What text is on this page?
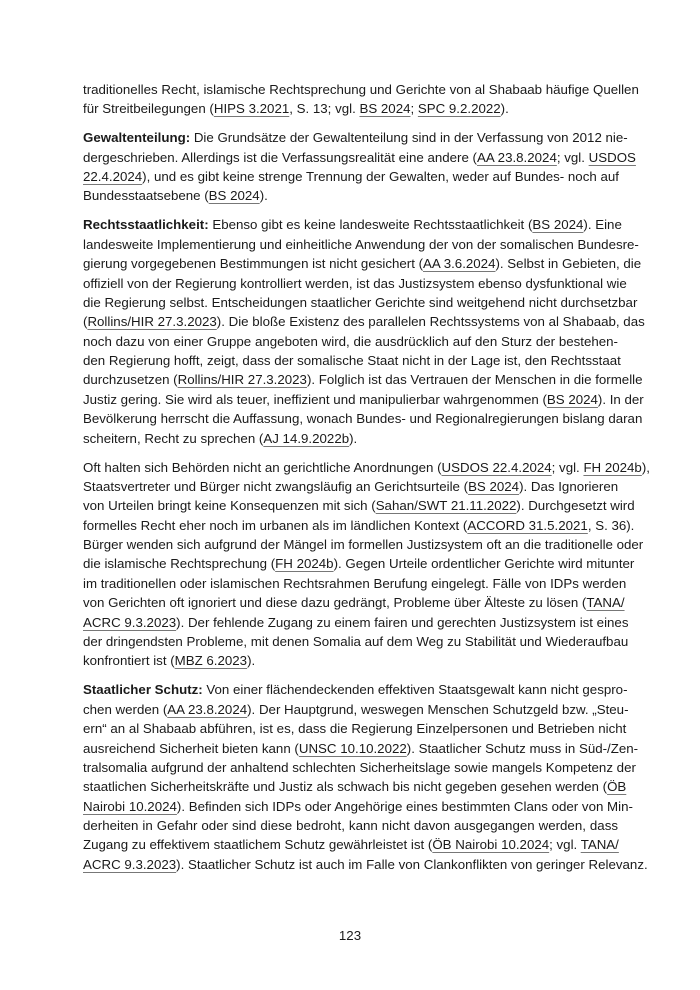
traditionelles Recht, islamische Rechtsprechung und Gerichte von al Shabaab häufige Quellen
für Streitbeilegungen (HIPS 3.2021, S. 13; vgl. BS 2024; SPC 9.2.2022).
Gewaltenteilung: Die Grundsätze der Gewaltenteilung sind in der Verfassung von 2012 nie-
dergeschrieben. Allerdings ist die Verfassungsrealität eine andere (AA 23.8.2024; vgl. USDOS
22.4.2024), und es gibt keine strenge Trennung der Gewalten, weder auf Bundes- noch auf
Bundesstaatsebene (BS 2024).
Rechtsstaatlichkeit: Ebenso gibt es keine landesweite Rechtsstaatlichkeit (BS 2024). Eine
landesweite Implementierung und einheitliche Anwendung der von der somalischen Bundesre-
gierung vorgegebenen Bestimmungen ist nicht gesichert (AA 3.6.2024). Selbst in Gebieten, die
offiziell von der Regierung kontrolliert werden, ist das Justizsystem ebenso dysfunktional wie
die Regierung selbst. Entscheidungen staatlicher Gerichte sind weitgehend nicht durchsetzbar
(Rollins/HIR 27.3.2023). Die bloße Existenz des parallelen Rechtssystems von al Shabaab, das
noch dazu von einer Gruppe angeboten wird, die ausdrücklich auf den Sturz der bestehen-
den Regierung hofft, zeigt, dass der somalische Staat nicht in der Lage ist, den Rechtsstaat
durchzusetzen (Rollins/HIR 27.3.2023). Folglich ist das Vertrauen der Menschen in die formelle
Justiz gering. Sie wird als teuer, ineffizient und manipulierbar wahrgenommen (BS 2024). In der
Bevölkerung herrscht die Auffassung, wonach Bundes- und Regionalregierungen bislang daran
scheitern, Recht zu sprechen (AJ 14.9.2022b).
Oft halten sich Behörden nicht an gerichtliche Anordnungen (USDOS 22.4.2024; vgl. FH 2024b),
Staatsvertreter und Bürger nicht zwangsläufig an Gerichtsurteile (BS 2024). Das Ignorieren
von Urteilen bringt keine Konsequenzen mit sich (Sahan/SWT 21.11.2022). Durchgesetzt wird
formelles Recht eher noch im urbanen als im ländlichen Kontext (ACCORD 31.5.2021, S. 36).
Bürger wenden sich aufgrund der Mängel im formellen Justizsystem oft an die traditionelle oder
die islamische Rechtsprechung (FH 2024b). Gegen Urteile ordentlicher Gerichte wird mitunter
im traditionellen oder islamischen Rechtsrahmen Berufung eingelegt. Fälle von IDPs werden
von Gerichten oft ignoriert und diese dazu gedrängt, Probleme über Älteste zu lösen (TANA/
ACRC 9.3.2023). Der fehlende Zugang zu einem fairen und gerechten Justizsystem ist eines
der dringendsten Probleme, mit denen Somalia auf dem Weg zu Stabilität und Wiederaufbau
konfrontiert ist (MBZ 6.2023).
Staatlicher Schutz: Von einer flächendeckenden effektiven Staatsgewalt kann nicht gespro-
chen werden (AA 23.8.2024). Der Hauptgrund, weswegen Menschen Schutzgeld bzw. „Steu-
ern“ an al Shabaab abführen, ist es, dass die Regierung Einzelpersonen und Betrieben nicht
ausreichend Sicherheit bieten kann (UNSC 10.10.2022). Staatlicher Schutz muss in Süd-/Zen-
tralsomalia aufgrund der anhaltend schlechten Sicherheitslage sowie mangels Kompetenz der
staatlichen Sicherheitskräfte und Justiz als schwach bis nicht gegeben gesehen werden (ÖB
Nairobi 10.2024). Befinden sich IDPs oder Angehörige eines bestimmten Clans oder von Min-
derheiten in Gefahr oder sind diese bedroht, kann nicht davon ausgegangen werden, dass
Zugang zu effektivem staatlichem Schutz gewährleistet ist (ÖB Nairobi 10.2024; vgl. TANA/
ACRC 9.3.2023). Staatlicher Schutz ist auch im Falle von Clankonflikten von geringer Relevanz.
123
